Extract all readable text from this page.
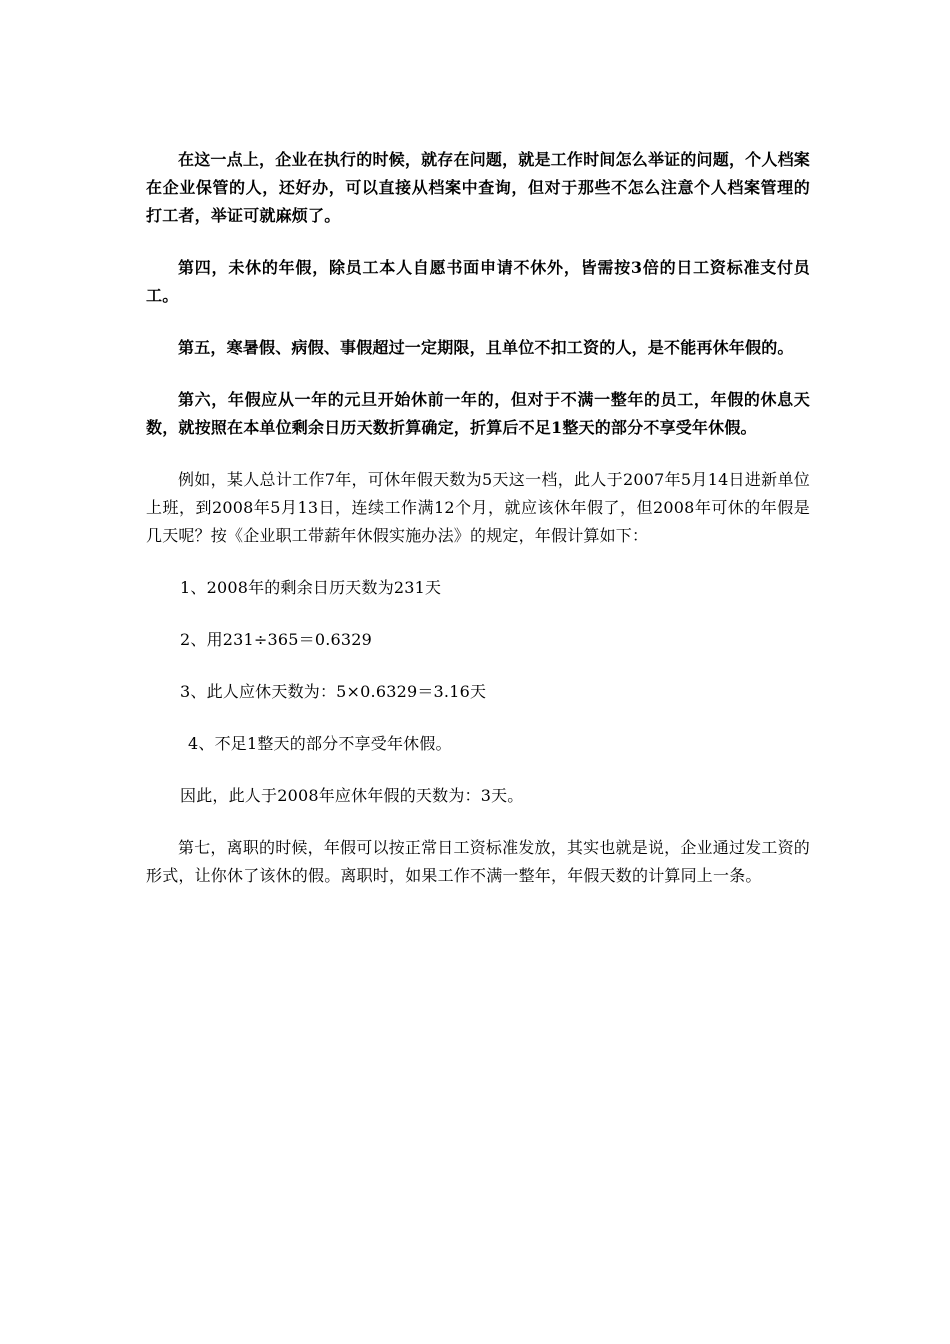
在这一点上，企业在执行的时候，就存在问题，就是工作时间怎么举证的问题，个人档案在企业保管的人，还好办，可以直接从档案中查询，但对于那些不怎么注意个人档案管理的打工者，举证可就麻烦了。

第四，未休的年假，除员工本人自愿书面申请不休外，皆需按3倍的日工资标准支付员工。

第五，寒暑假、病假、事假超过一定期限，且单位不扣工资的人，是不能再休年假的。

第六，年假应从一年的元旦开始休前一年的，但对于不满一整年的员工，年假的休息天数，就按照在本单位剩余日历天数折算确定，折算后不足1整天的部分不享受年休假。

例如，某人总计工作7年，可休年假天数为5天这一档，此人于2007年5月14日进新单位上班，到2008年5月13日，连续工作满12个月，就应该休年假了，但2008年可休的年假是几天呢？按《企业职工带薪年休假实施办法》的规定，年假计算如下：

1、2008年的剩余日历天数为231天

2、用231÷365＝0.6329

3、此人应休天数为：5×0.6329＝3.16天

4、不足1整天的部分不享受年休假。

因此，此人于2008年应休年假的天数为：3天。

第七，离职的时候，年假可以按正常日工资标准发放，其实也就是说，企业通过发工资的形式，让你休了该休的假。离职时，如果工作不满一整年，年假天数的计算同上一条。
